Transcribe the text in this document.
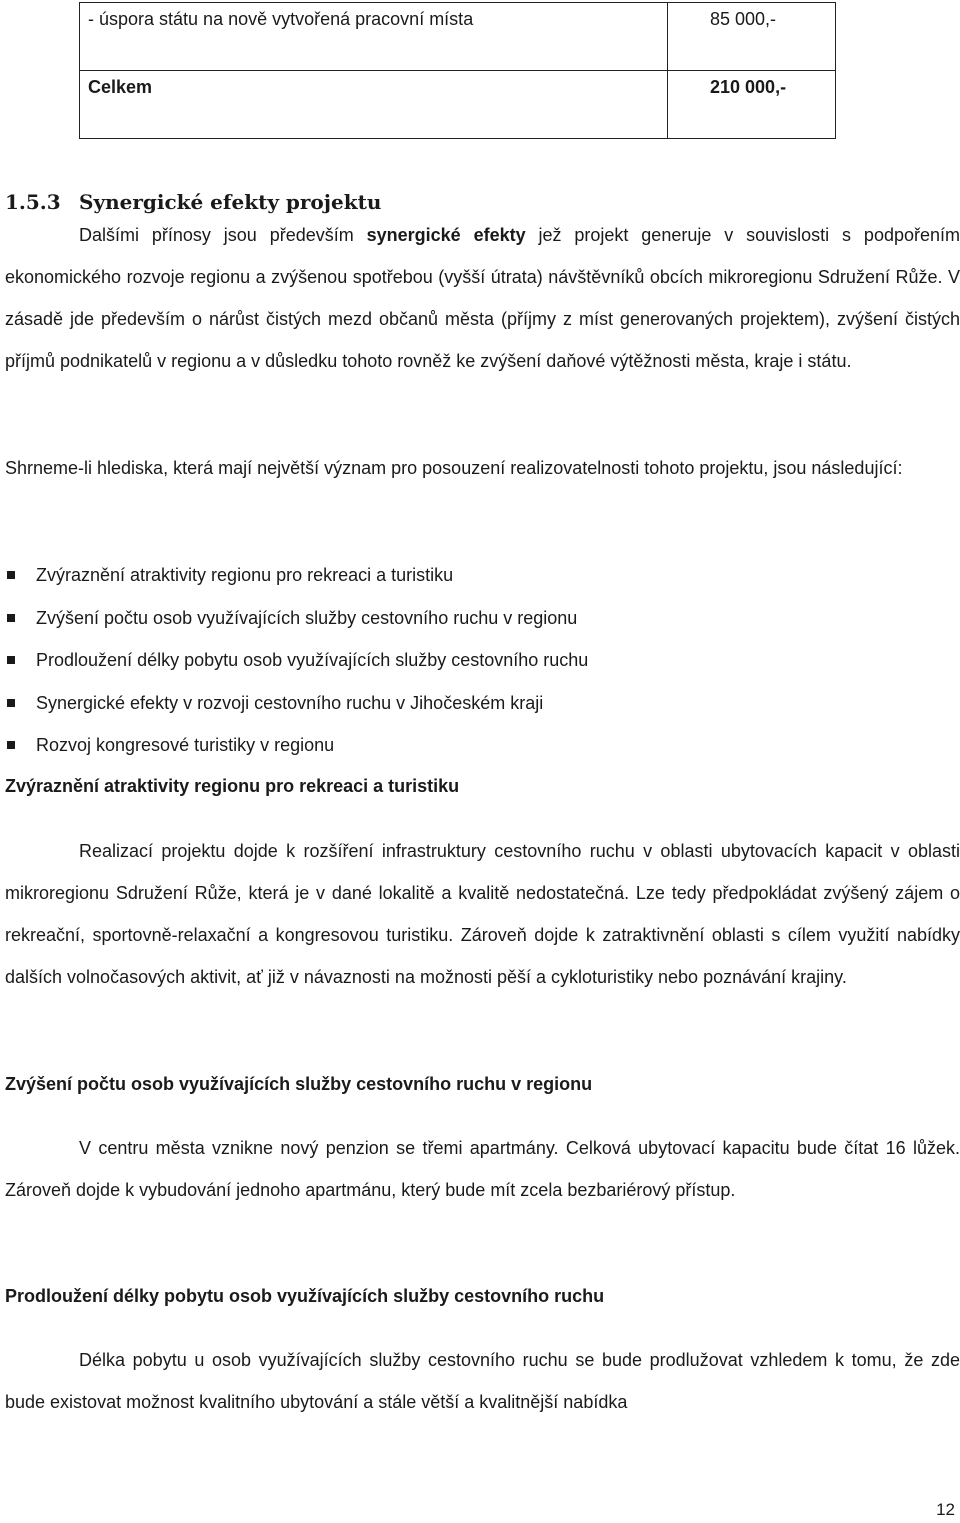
- úspora státu na nově vytvořená pracovní místa	85 000,-
Celkem	210 000,-
1.5.3 Synergické efekty projektu

Dalšími přínosy jsou především synergické efekty jež projekt generuje v souvislosti s podpořením ekonomického rozvoje regionu a zvýšenou spotřebou (vyšší útrata) návštěvníků obcích mikroregionu Sdružení Růže. V zásadě jde především o nárůst čistých mezd občanů města (příjmy z míst generovaných projektem), zvýšení čistých příjmů podnikatelů v regionu a v důsledku tohoto rovněž ke zvýšení daňové výtěžnosti města, kraje i státu.

Shrneme-li hlediska, která mají největší význam pro posouzení realizovatelnosti tohoto projektu, jsou následující:

Zvýraznění atraktivity regionu pro rekreaci a turistiku
Zvýšení počtu osob využívajících služby cestovního ruchu v regionu
Prodloužení délky pobytu osob využívajících služby cestovního ruchu
Synergické efekty v rozvoji cestovního ruchu v Jihočeském kraji
Rozvoj kongresové turistiky v regionu
Zvýraznění atraktivity regionu pro rekreaci a turistiku

Realizací projektu dojde k rozšíření infrastruktury cestovního ruchu v oblasti ubytovacích kapacit v oblasti mikroregionu Sdružení Růže, která je v dané lokalitě a kvalitě nedostatečná. Lze tedy předpokládat zvýšený zájem o rekreační, sportovně-relaxační a kongresovou turistiku. Zároveň dojde k zatraktivnění oblasti s cílem využití nabídky dalších volnočasových aktivit, ať již v návaznosti na možnosti pěší a cykloturistiky nebo poznávání krajiny.

Zvýšení počtu osob využívajících služby cestovního ruchu v regionu

V centru města vznikne nový penzion se třemi apartmány. Celková ubytovací kapacitu bude čítat 16 lůžek. Zároveň dojde k vybudování jednoho apartmánu, který bude mít zcela bezbariérový přístup.

Prodloužení délky pobytu osob využívajících služby cestovního ruchu

Délka pobytu u osob využívajících služby cestovního ruchu se bude prodlužovat vzhledem k tomu, že zde bude existovat možnost kvalitního ubytování a stále větší a kvalitnější nabídka

12
